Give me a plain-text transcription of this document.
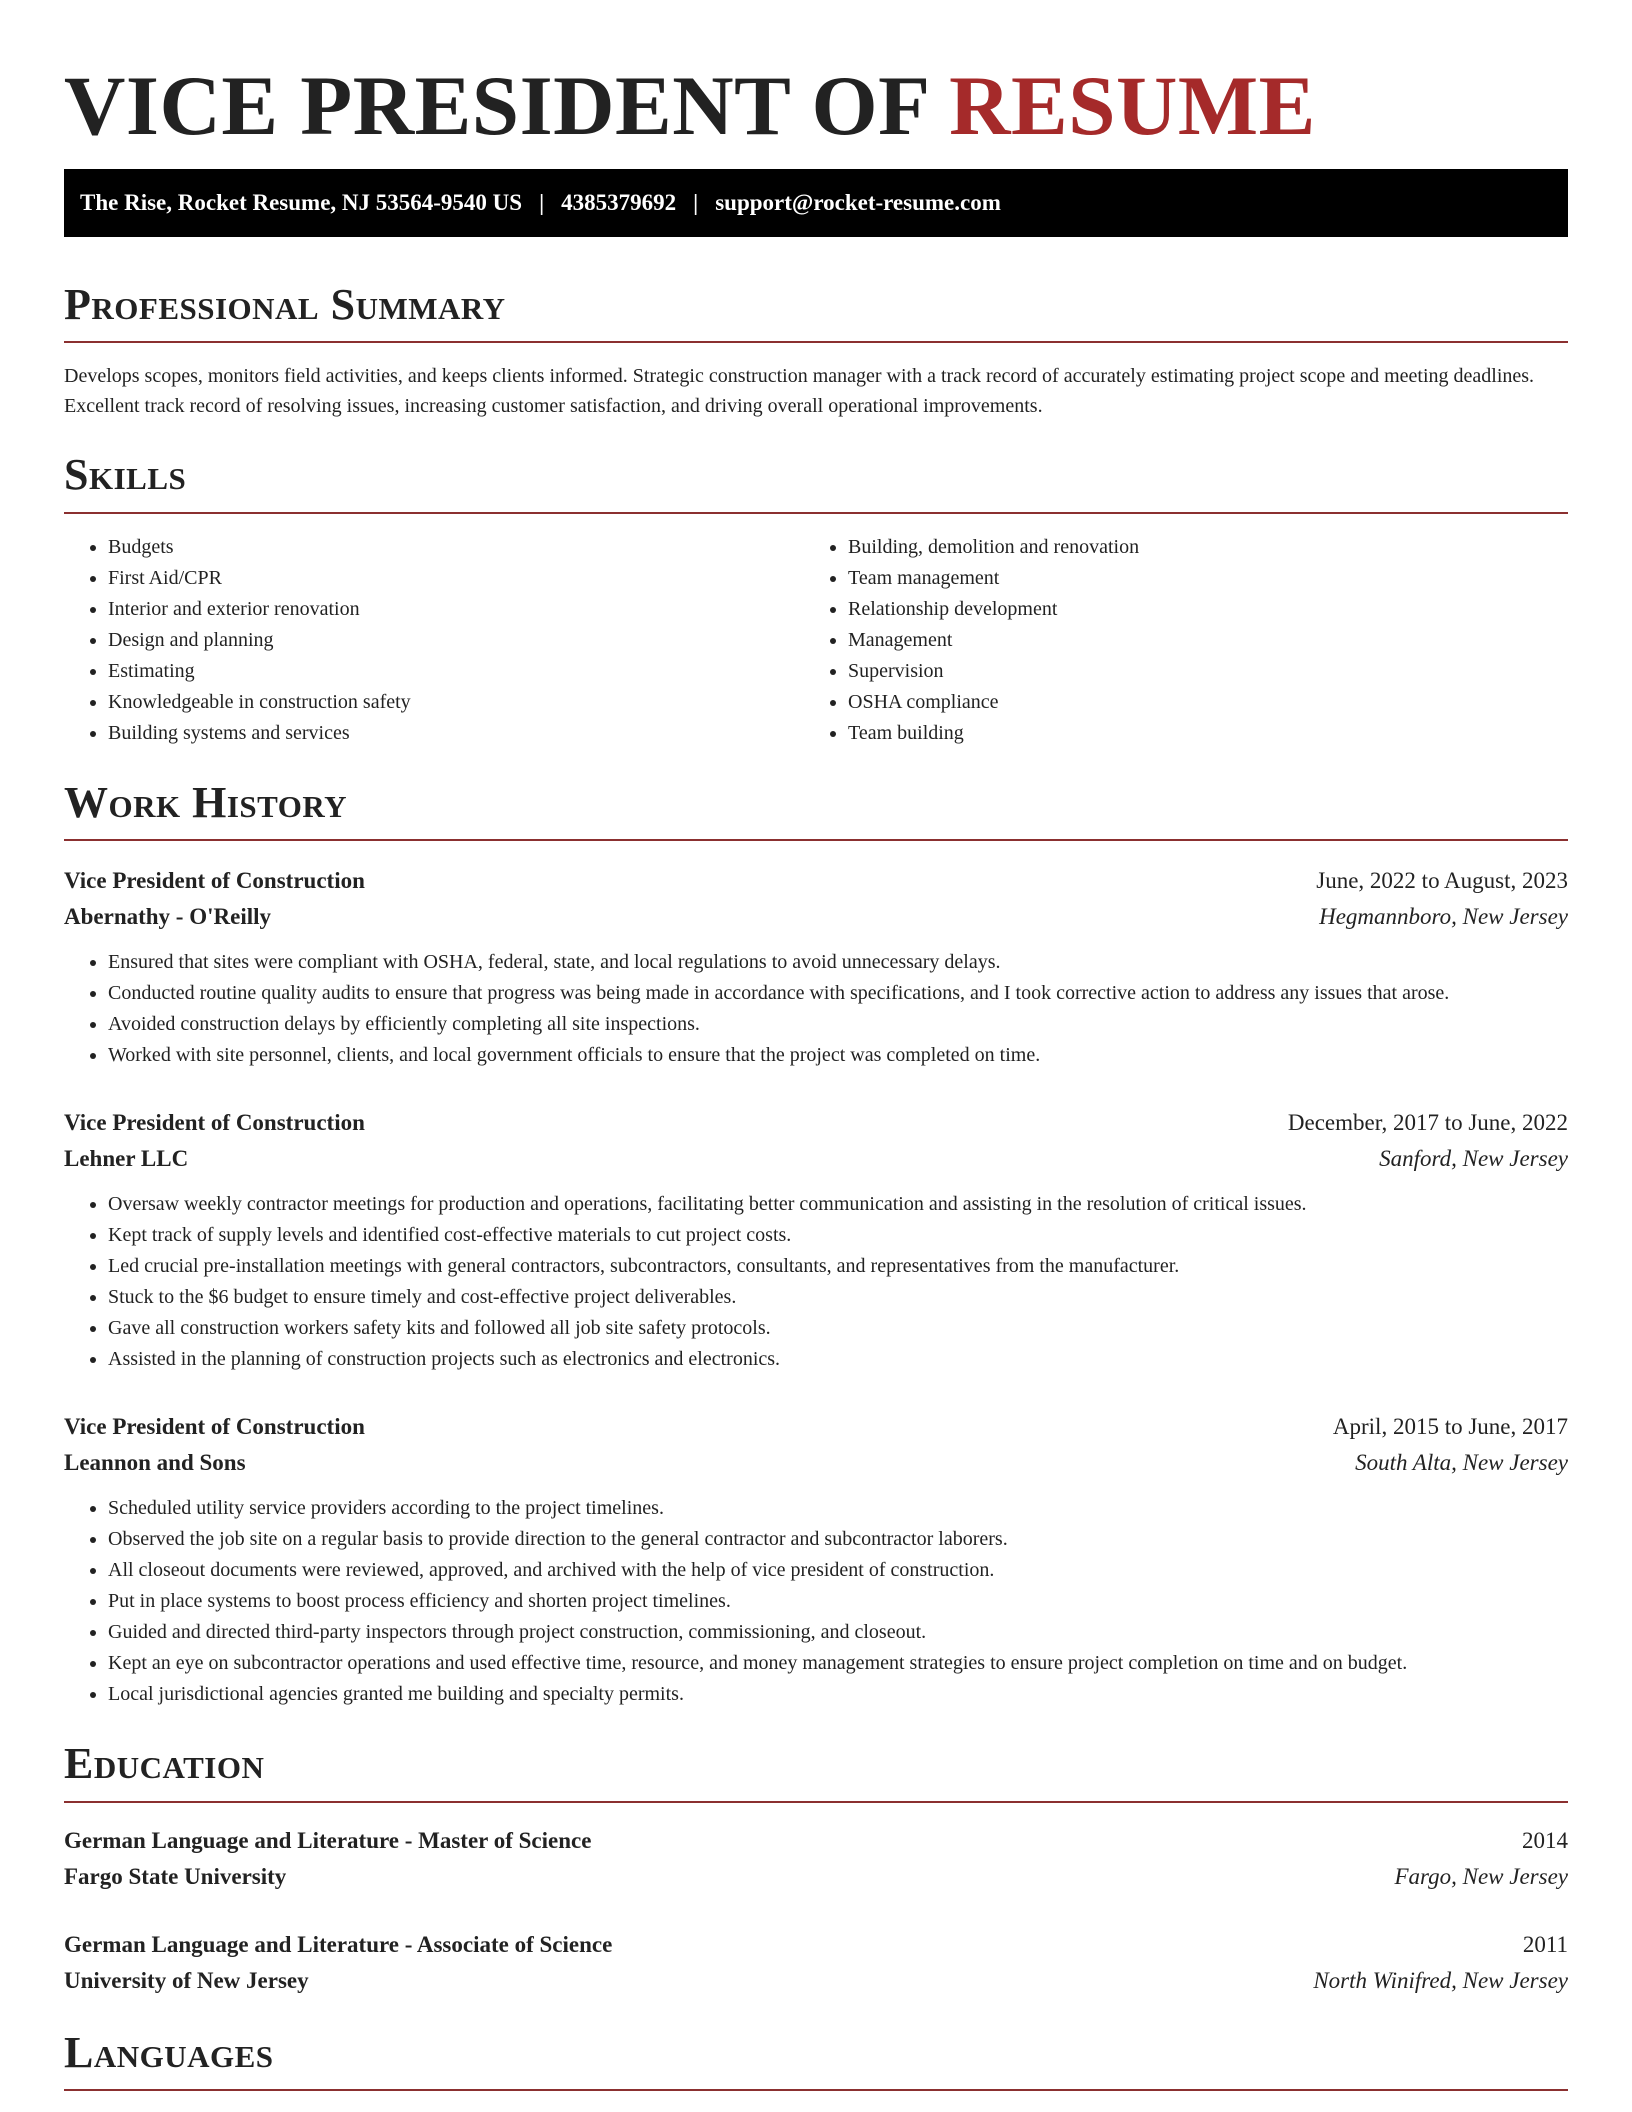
VICE PRESIDENT OF RESUME
The Rise, Rocket Resume, NJ 53564-9540 US | 4385379692 | support@rocket-resume.com
Professional Summary

Develops scopes, monitors field activities, and keeps clients informed. Strategic construction manager with a track record of accurately estimating project scope and meeting deadlines. Excellent track record of resolving issues, increasing customer satisfaction, and driving overall operational improvements.

Skills
• Budgets
• First Aid/CPR
• Interior and exterior renovation
• Design and planning
• Estimating
• Knowledgeable in construction safety
• Building systems and services
• Building, demolition and renovation
• Team management
• Relationship development
• Management
• Supervision
• OSHA compliance
• Team building
Work History
Vice President of Construction	June, 2022 to August, 2023
Abernathy - O'Reilly	Hegmannboro, New Jersey
• Ensured that sites were compliant with OSHA, federal, state, and local regulations to avoid unnecessary delays.
• Conducted routine quality audits to ensure that progress was being made in accordance with specifications, and I took corrective action to address any issues that arose.
• Avoided construction delays by efficiently completing all site inspections.
• Worked with site personnel, clients, and local government officials to ensure that the project was completed on time.
Vice President of Construction	December, 2017 to June, 2022
Lehner LLC	Sanford, New Jersey
• Oversaw weekly contractor meetings for production and operations, facilitating better communication and assisting in the resolution of critical issues.
• Kept track of supply levels and identified cost-effective materials to cut project costs.
• Led crucial pre-installation meetings with general contractors, subcontractors, consultants, and representatives from the manufacturer.
• Stuck to the $6 budget to ensure timely and cost-effective project deliverables.
• Gave all construction workers safety kits and followed all job site safety protocols.
• Assisted in the planning of construction projects such as electronics and electronics.
Vice President of Construction	April, 2015 to June, 2017
Leannon and Sons	South Alta, New Jersey
• Scheduled utility service providers according to the project timelines.
• Observed the job site on a regular basis to provide direction to the general contractor and subcontractor laborers.
• All closeout documents were reviewed, approved, and archived with the help of vice president of construction.
• Put in place systems to boost process efficiency and shorten project timelines.
• Guided and directed third-party inspectors through project construction, commissioning, and closeout.
• Kept an eye on subcontractor operations and used effective time, resource, and money management strategies to ensure project completion on time and on budget.
• Local jurisdictional agencies granted me building and specialty permits.
Education
German Language and Literature - Master of Science	2014
Fargo State University	Fargo, New Jersey
German Language and Literature - Associate of Science	2011
University of New Jersey	North Winifred, New Jersey
Languages
